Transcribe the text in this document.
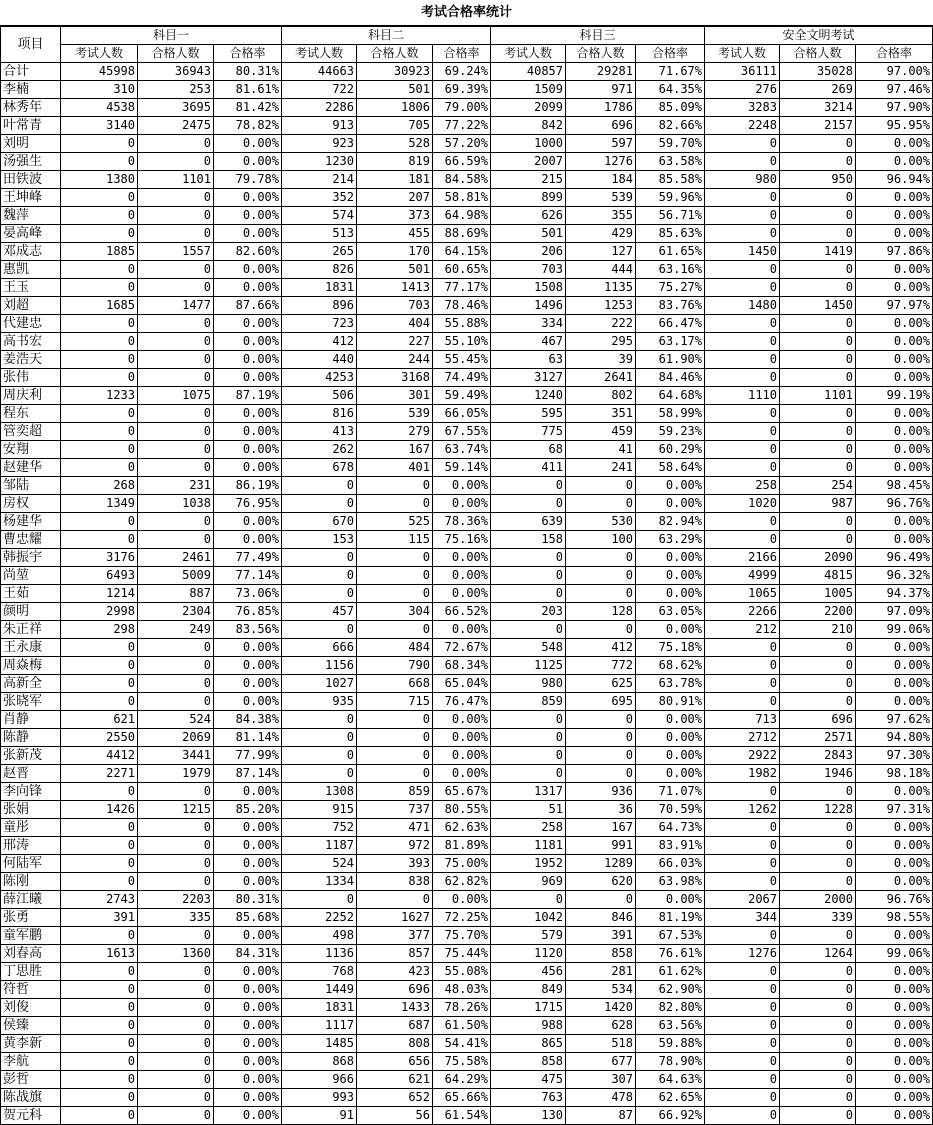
考试合格率统计
项目	科目一			科目二			科目三			安全文明考试		
	考试人数	合格人数	合格率	考试人数	合格人数	合格率	考试人数	合格人数	合格率	考试人数	合格人数	合格率
合计	45998	36943	80.31%	44663	30923	69.24%	40857	29281	71.67%	36111	35028	97.00%
李楠	310	253	81.61%	722	501	69.39%	1509	971	64.35%	276	269	97.46%
林秀年	4538	3695	81.42%	2286	1806	79.00%	2099	1786	85.09%	3283	3214	97.90%
叶常青	3140	2475	78.82%	913	705	77.22%	842	696	82.66%	2248	2157	95.95%
刘明	0	0	0.00%	923	528	57.20%	1000	597	59.70%	0	0	0.00%
汤强生	0	0	0.00%	1230	819	66.59%	2007	1276	63.58%	0	0	0.00%
田铁波	1380	1101	79.78%	214	181	84.58%	215	184	85.58%	980	950	96.94%
王坤峰	0	0	0.00%	352	207	58.81%	899	539	59.96%	0	0	0.00%
魏萍	0	0	0.00%	574	373	64.98%	626	355	56.71%	0	0	0.00%
晏高峰	0	0	0.00%	513	455	88.69%	501	429	85.63%	0	0	0.00%
邓成志	1885	1557	82.60%	265	170	64.15%	206	127	61.65%	1450	1419	97.86%
惠凯	0	0	0.00%	826	501	60.65%	703	444	63.16%	0	0	0.00%
王玉	0	0	0.00%	1831	1413	77.17%	1508	1135	75.27%	0	0	0.00%
刘超	1685	1477	87.66%	896	703	78.46%	1496	1253	83.76%	1480	1450	97.97%
代建忠	0	0	0.00%	723	404	55.88%	334	222	66.47%	0	0	0.00%
高书宏	0	0	0.00%	412	227	55.10%	467	295	63.17%	0	0	0.00%
姜浩天	0	0	0.00%	440	244	55.45%	63	39	61.90%	0	0	0.00%
张伟	0	0	0.00%	4253	3168	74.49%	3127	2641	84.46%	0	0	0.00%
周庆利	1233	1075	87.19%	506	301	59.49%	1240	802	64.68%	1110	1101	99.19%
程东	0	0	0.00%	816	539	66.05%	595	351	58.99%	0	0	0.00%
管奕超	0	0	0.00%	413	279	67.55%	775	459	59.23%	0	0	0.00%
安翔	0	0	0.00%	262	167	63.74%	68	41	60.29%	0	0	0.00%
赵建华	0	0	0.00%	678	401	59.14%	411	241	58.64%	0	0	0.00%
邹陆	268	231	86.19%	0	0	0.00%	0	0	0.00%	258	254	98.45%
房权	1349	1038	76.95%	0	0	0.00%	0	0	0.00%	1020	987	96.76%
杨建华	0	0	0.00%	670	525	78.36%	639	530	82.94%	0	0	0.00%
曹忠耀	0	0	0.00%	153	115	75.16%	158	100	63.29%	0	0	0.00%
韩振宇	3176	2461	77.49%	0	0	0.00%	0	0	0.00%	2166	2090	96.49%
尚堃	6493	5009	77.14%	0	0	0.00%	0	0	0.00%	4999	4815	96.32%
王茹	1214	887	73.06%	0	0	0.00%	0	0	0.00%	1065	1005	94.37%
颜明	2998	2304	76.85%	457	304	66.52%	203	128	63.05%	2266	2200	97.09%
朱正祥	298	249	83.56%	0	0	0.00%	0	0	0.00%	212	210	99.06%
王永康	0	0	0.00%	666	484	72.67%	548	412	75.18%	0	0	0.00%
周焱梅	0	0	0.00%	1156	790	68.34%	1125	772	68.62%	0	0	0.00%
高新全	0	0	0.00%	1027	668	65.04%	980	625	63.78%	0	0	0.00%
张晓军	0	0	0.00%	935	715	76.47%	859	695	80.91%	0	0	0.00%
肖静	621	524	84.38%	0	0	0.00%	0	0	0.00%	713	696	97.62%
陈静	2550	2069	81.14%	0	0	0.00%	0	0	0.00%	2712	2571	94.80%
张新茂	4412	3441	77.99%	0	0	0.00%	0	0	0.00%	2922	2843	97.30%
赵晋	2271	1979	87.14%	0	0	0.00%	0	0	0.00%	1982	1946	98.18%
李向锋	0	0	0.00%	1308	859	65.67%	1317	936	71.07%	0	0	0.00%
张娟	1426	1215	85.20%	915	737	80.55%	51	36	70.59%	1262	1228	97.31%
童彤	0	0	0.00%	752	471	62.63%	258	167	64.73%	0	0	0.00%
邢涛	0	0	0.00%	1187	972	81.89%	1181	991	83.91%	0	0	0.00%
何陆军	0	0	0.00%	524	393	75.00%	1952	1289	66.03%	0	0	0.00%
陈刚	0	0	0.00%	1334	838	62.82%	969	620	63.98%	0	0	0.00%
薛江曦	2743	2203	80.31%	0	0	0.00%	0	0	0.00%	2067	2000	96.76%
张勇	391	335	85.68%	2252	1627	72.25%	1042	846	81.19%	344	339	98.55%
童军鹏	0	0	0.00%	498	377	75.70%	579	391	67.53%	0	0	0.00%
刘春高	1613	1360	84.31%	1136	857	75.44%	1120	858	76.61%	1276	1264	99.06%
丁思胜	0	0	0.00%	768	423	55.08%	456	281	61.62%	0	0	0.00%
符哲	0	0	0.00%	1449	696	48.03%	849	534	62.90%	0	0	0.00%
刘俊	0	0	0.00%	1831	1433	78.26%	1715	1420	82.80%	0	0	0.00%
侯臻	0	0	0.00%	1117	687	61.50%	988	628	63.56%	0	0	0.00%
黄李新	0	0	0.00%	1485	808	54.41%	865	518	59.88%	0	0	0.00%
李航	0	0	0.00%	868	656	75.58%	858	677	78.90%	0	0	0.00%
彭哲	0	0	0.00%	966	621	64.29%	475	307	64.63%	0	0	0.00%
陈战旗	0	0	0.00%	993	652	65.66%	763	478	62.65%	0	0	0.00%
贺元科	0	0	0.00%	91	56	61.54%	130	87	66.92%	0	0	0.00%
